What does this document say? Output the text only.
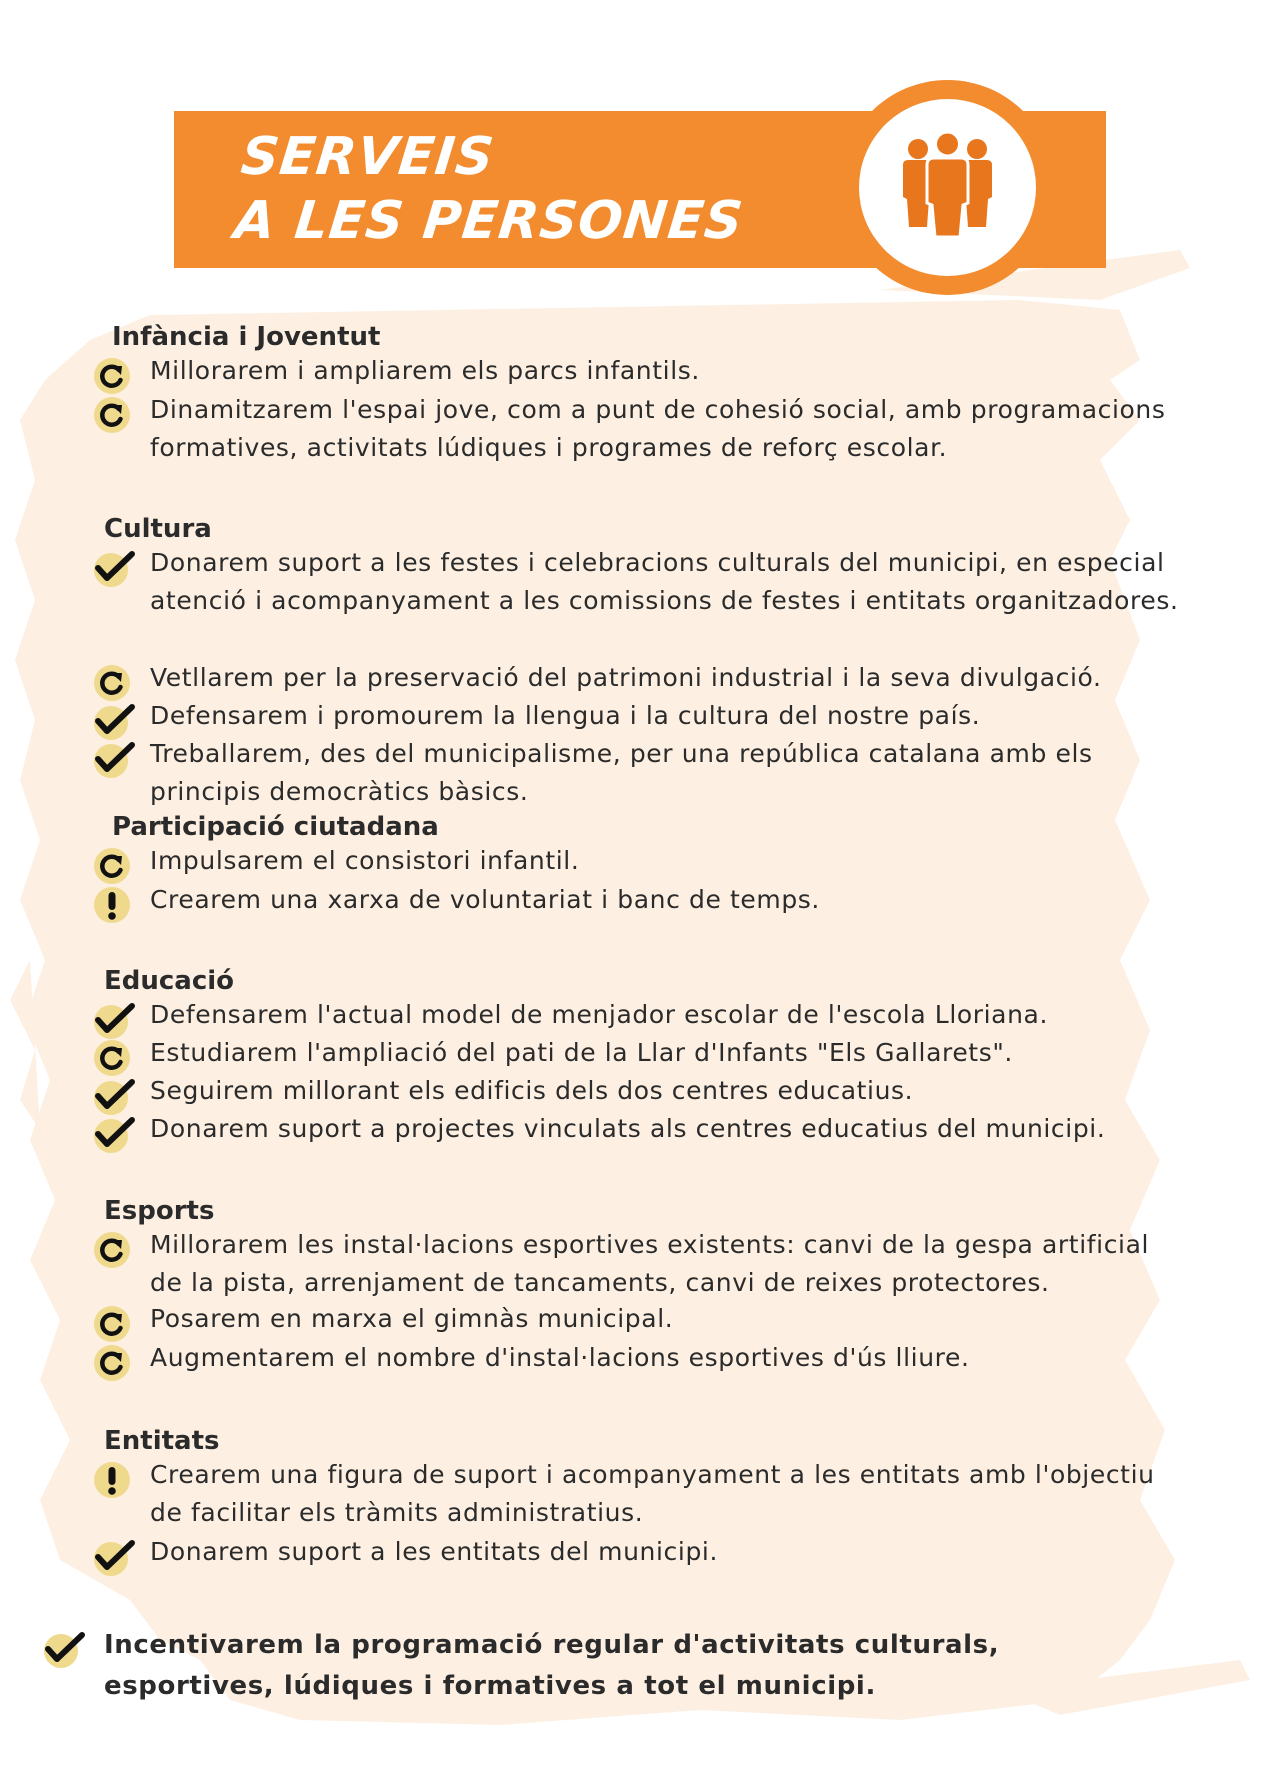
SERVEIS
A LES PERSONES
Infància i Joventut
Millorarem i ampliarem els parcs infantils.
Dinamitzarem l'espai jove, com a punt de cohesió social, amb programacions formatives, activitats lúdiques i programes de reforç escolar.
Cultura
Donarem suport a les festes i celebracions culturals del municipi, en especial atenció i acompanyament a les comissions de festes i entitats organitzadores.
Vetllarem per la preservació del patrimoni industrial i la seva divulgació.
Defensarem i promourem la llengua i la cultura del nostre país.
Treballarem, des del municipalisme, per una república catalana amb els principis democràtics bàsics.
Participació ciutadana
Impulsarem el consistori infantil.
Crearem una xarxa de voluntariat i banc de temps.
Educació
Defensarem l'actual model de menjador escolar de l'escola Lloriana.
Estudiarem l'ampliació del pati de la Llar d'Infants "Els Gallarets".
Seguirem millorant els edificis dels dos centres educatius.
Donarem suport a projectes vinculats als centres educatius del municipi.
Esports
Millorarem les instal·lacions esportives existents: canvi de la gespa artificial de la pista, arrenjament de tancaments, canvi de reixes protectores.
Posarem en marxa el gimnàs municipal.
Augmentarem el nombre d'instal·lacions esportives d'ús lliure.
Entitats
Crearem una figura de suport i acompanyament a les entitats amb l'objectiu de facilitar els tràmits administratius.
Donarem suport a les entitats del municipi.
Incentivarem la programació regular d'activitats culturals, esportives, lúdiques i formatives a tot el municipi.
